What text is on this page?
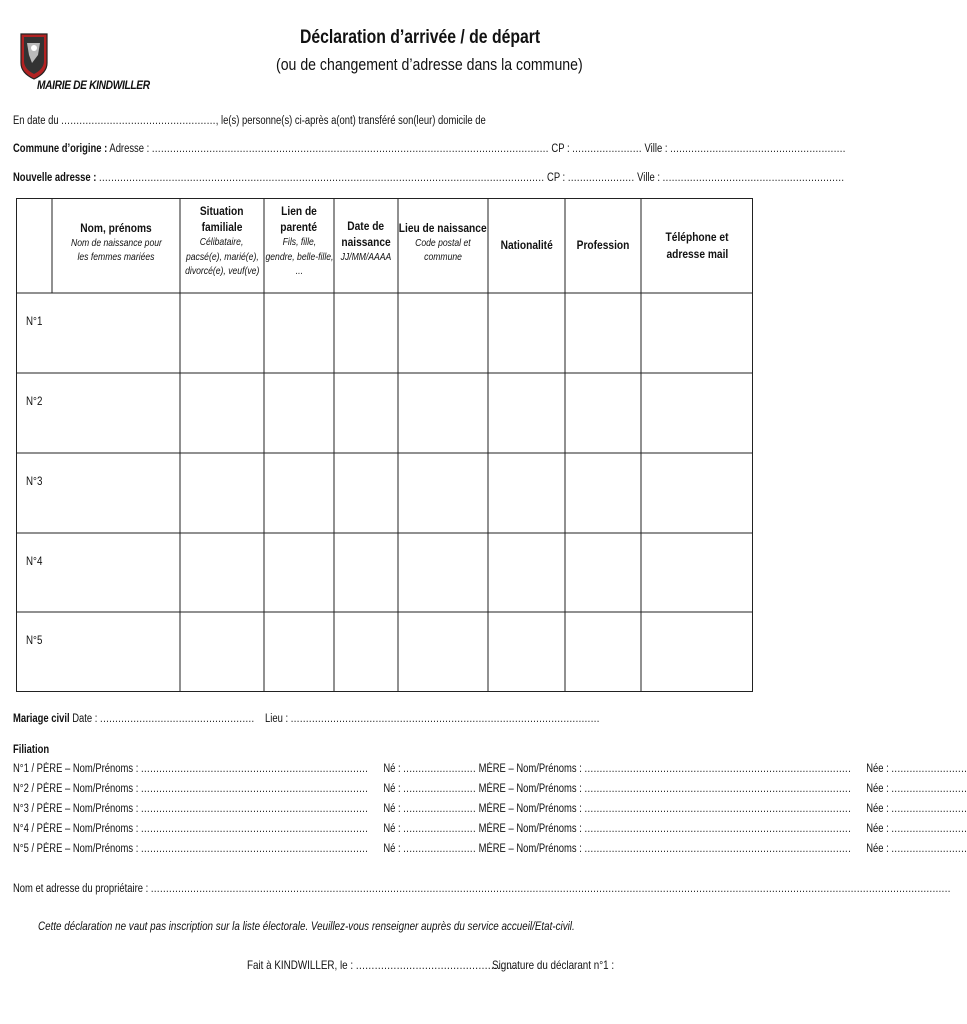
MAIRIE DE KINDWILLER
Déclaration d’arrivée / de départ
(ou de changement d’adresse dans la commune)
En date du ..................................................., le(s) personne(s) ci-après a(ont) transféré son(leur) domicile de
Commune d’origine : Adresse : ................................................................................................................................... CP : ....................... Ville : ..........................................................
Nouvelle adresse : ................................................................................................................................................... CP : ...................... Ville : ............................................................
Nom, prénoms
Nom de naissance pour
les femmes mariées
Situation
familiale
Célibataire,
pacsé(e), marié(e),
divorcé(e), veuf(ve)
Lien de
parenté
Fils, fille,
gendre, belle-fille,
...
Date de
naissance
JJ/MM/AAAA
Lieu de naissance
Code postal et
commune
Nationalité Profession
Téléphone et
adresse mail
N°1
N°2
N°3
N°4
N°5
Mariage civil Date : ................................................... Lieu : ......................................................................................................
Filiation
N°1 / PÈRE – Nom/Prénoms : ........................................................................... Né : ........................ MÈRE – Nom/Prénoms : ........................................................................................ Née : .........................
N°2 / PÈRE – Nom/Prénoms : ........................................................................... Né : ........................ MÈRE – Nom/Prénoms : ........................................................................................ Née : .........................
N°3 / PÈRE – Nom/Prénoms : ........................................................................... Né : ........................ MÈRE – Nom/Prénoms : ........................................................................................ Née : .........................
N°4 / PÈRE – Nom/Prénoms : ........................................................................... Né : ........................ MÈRE – Nom/Prénoms : ........................................................................................ Née : .........................
N°5 / PÈRE – Nom/Prénoms : ........................................................................... Né : ........................ MÈRE – Nom/Prénoms : ........................................................................................ Née : .........................
Nom et adresse du propriétaire : ........................................................................................................................................................................................................................................................................
Cette déclaration ne vaut pas inscription sur la liste électorale. Veuillez-vous renseigner auprès du service accueil/Etat-civil.
Fait à KINDWILLER, le : ...................................................
Signature du déclarant n°1 :
